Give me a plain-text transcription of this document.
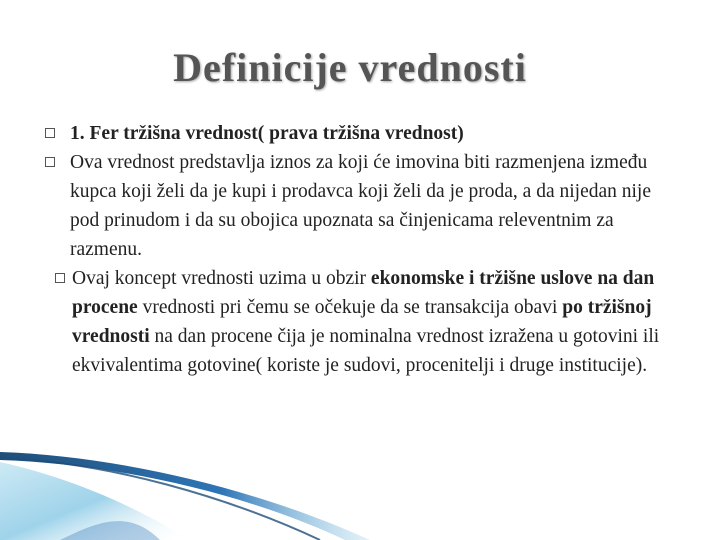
Definicije vrednosti

1. Fer tržišna vrednost( prava tržišna vrednost)

Ova vrednost predstavlja iznos za koji će imovina biti razmenjena između kupca koji želi da je kupi i prodavca koji želi da je proda, a da nijedan nije pod prinudom i da su obojica upoznata sa činjenicama releventnim za razmenu.

Ovaj koncept vrednosti uzima u obzir ekonomske i tržišne uslove na dan procene vrednosti pri čemu se očekuje da se transakcija obavi po tržišnoj vrednosti na dan procene čija je nominalna vrednost izražena u gotovini ili ekvivalentima gotovine( koriste je sudovi, procenitelji i druge institucije).
